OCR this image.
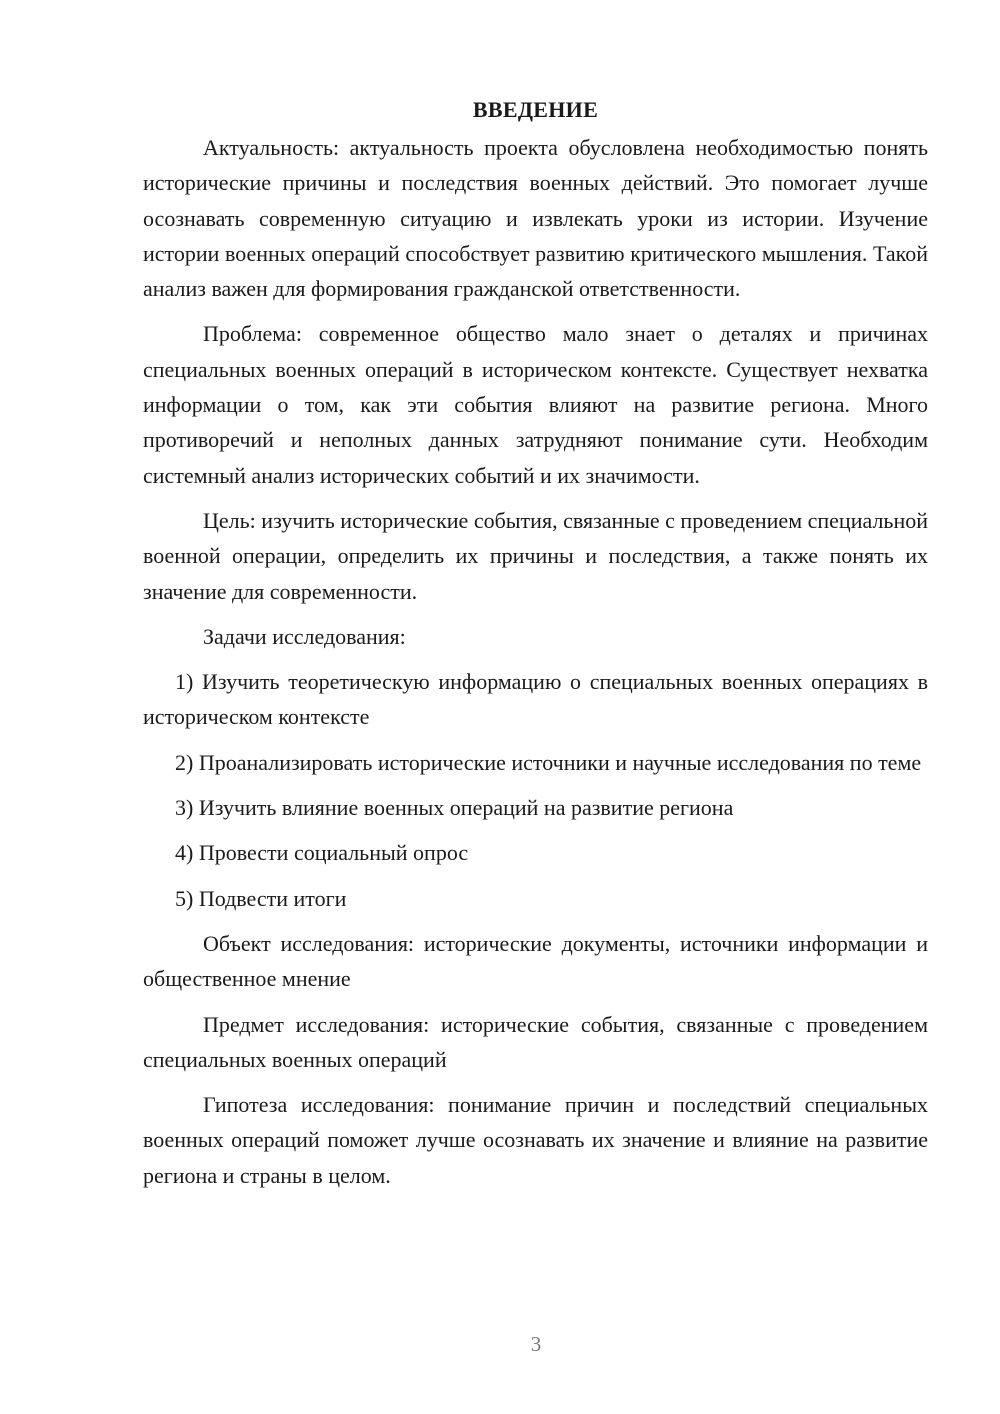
ВВЕДЕНИЕ

Актуальность: актуальность проекта обусловлена необходимостью понять исторические причины и последствия военных действий. Это помогает лучше осознавать современную ситуацию и извлекать уроки из истории. Изучение истории военных операций способствует развитию критического мышления. Такой анализ важен для формирования гражданской ответственности.

Проблема: современное общество мало знает о деталях и причинах специальных военных операций в историческом контексте. Существует нехватка информации о том, как эти события влияют на развитие региона. Много противоречий и неполных данных затрудняют понимание сути. Необходим системный анализ исторических событий и их значимости.

Цель: изучить исторические события, связанные с проведением специальной военной операции, определить их причины и последствия, а также понять их значение для современности.

Задачи исследования:

1) Изучить теоретическую информацию о специальных военных операциях в историческом контексте

2) Проанализировать исторические источники и научные исследования по теме

3) Изучить влияние военных операций на развитие региона

4) Провести социальный опрос

5) Подвести итоги

Объект исследования: исторические документы, источники информации и общественное мнение

Предмет исследования: исторические события, связанные с проведением специальных военных операций

Гипотеза исследования: понимание причин и последствий специальных военных операций поможет лучше осознавать их значение и влияние на развитие региона и страны в целом.

3
